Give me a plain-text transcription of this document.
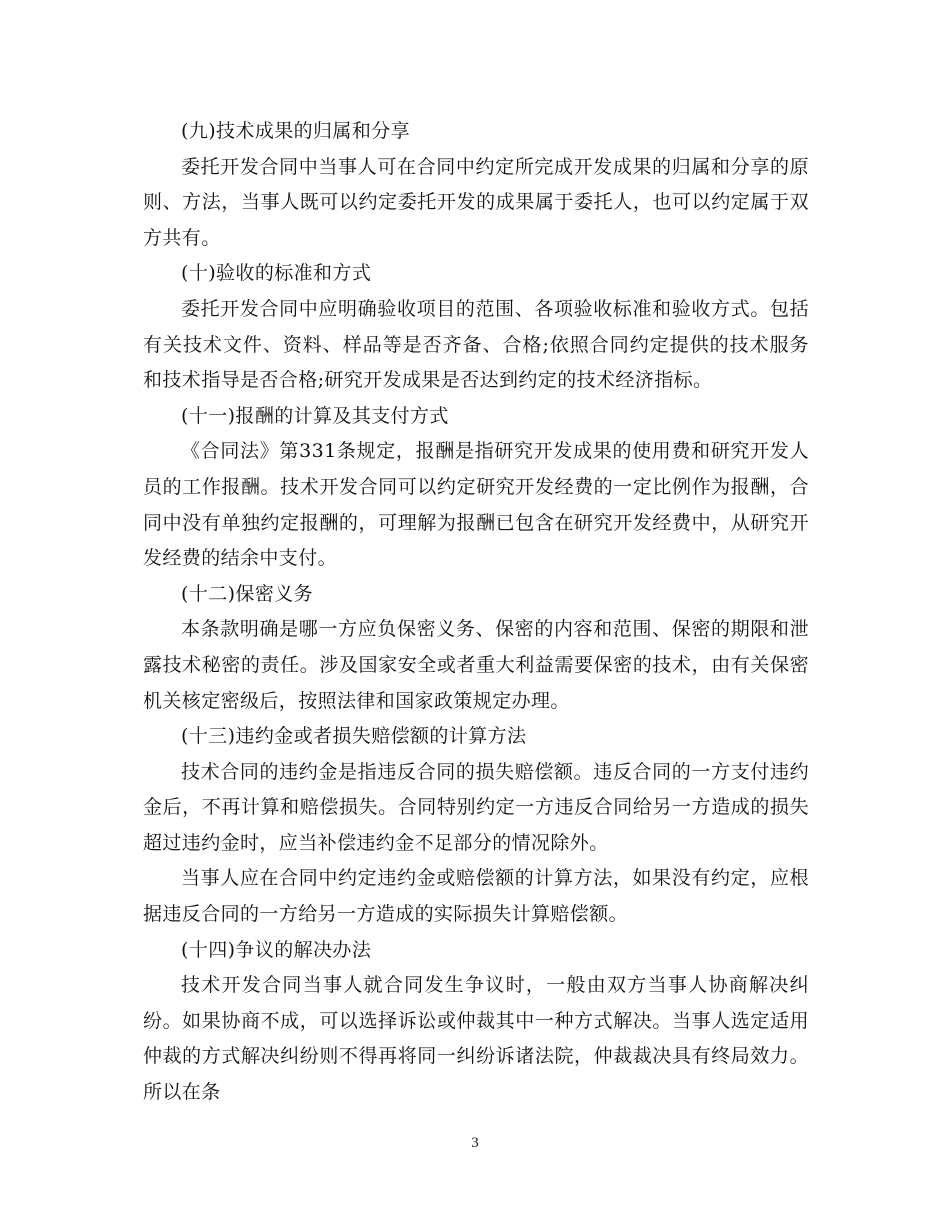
(九)技术成果的归属和分享

委托开发合同中当事人可在合同中约定所完成开发成果的归属和分享的原则、方法，当事人既可以约定委托开发的成果属于委托人，也可以约定属于双方共有。

(十)验收的标准和方式

委托开发合同中应明确验收项目的范围、各项验收标准和验收方式。包括有关技术文件、资料、样品等是否齐备、合格;依照合同约定提供的技术服务和技术指导是否合格;研究开发成果是否达到约定的技术经济指标。

(十一)报酬的计算及其支付方式

《合同法》第331条规定，报酬是指研究开发成果的使用费和研究开发人员的工作报酬。技术开发合同可以约定研究开发经费的一定比例作为报酬，合同中没有单独约定报酬的，可理解为报酬已包含在研究开发经费中，从研究开发经费的结余中支付。

(十二)保密义务

本条款明确是哪一方应负保密义务、保密的内容和范围、保密的期限和泄露技术秘密的责任。涉及国家安全或者重大利益需要保密的技术，由有关保密机关核定密级后，按照法律和国家政策规定办理。

(十三)违约金或者损失赔偿额的计算方法

技术合同的违约金是指违反合同的损失赔偿额。违反合同的一方支付违约金后，不再计算和赔偿损失。合同特别约定一方违反合同给另一方造成的损失超过违约金时，应当补偿违约金不足部分的情况除外。

当事人应在合同中约定违约金或赔偿额的计算方法，如果没有约定，应根据违反合同的一方给另一方造成的实际损失计算赔偿额。

(十四)争议的解决办法

技术开发合同当事人就合同发生争议时，一般由双方当事人协商解决纠纷。如果协商不成，可以选择诉讼或仲裁其中一种方式解决。当事人选定适用仲裁的方式解决纠纷则不得再将同一纠纷诉诸法院，仲裁裁决具有终局效力。所以在条

3
